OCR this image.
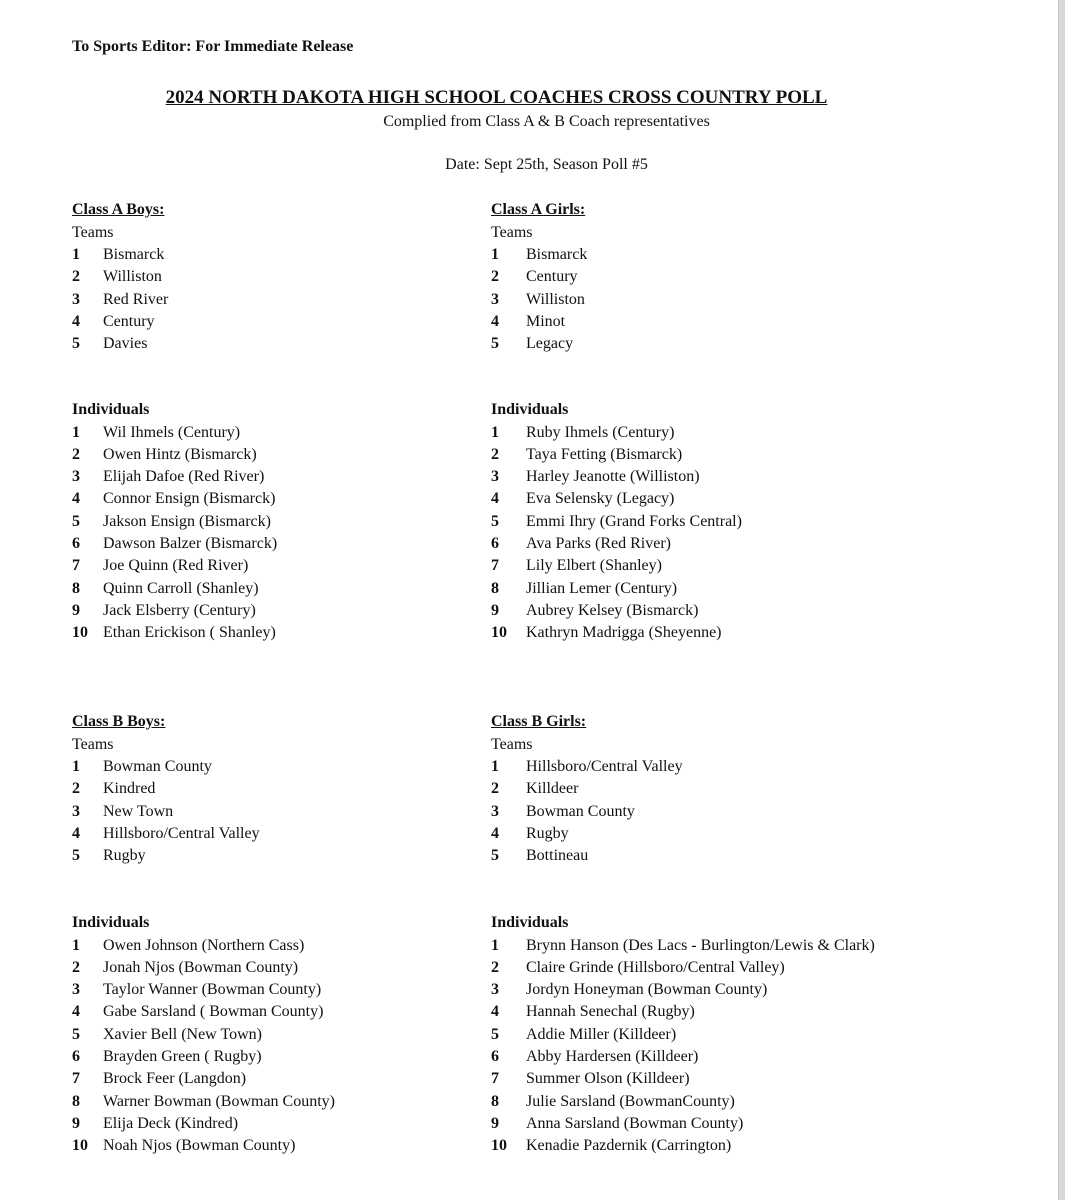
To Sports Editor: For Immediate Release
2024 NORTH DAKOTA HIGH SCHOOL COACHES CROSS COUNTRY POLL
Complied from Class A & B Coach representatives
Date: Sept 25th, Season Poll #5
Class A Boys:
Teams
1 Bismarck
2 Williston
3 Red River
4 Century
5 Davies
Individuals
1 Wil Ihmels (Century)
2 Owen Hintz (Bismarck)
3 Elijah Dafoe (Red River)
4 Connor Ensign (Bismarck)
5 Jakson Ensign (Bismarck)
6 Dawson Balzer (Bismarck)
7 Joe Quinn (Red River)
8 Quinn Carroll (Shanley)
9 Jack Elsberry (Century)
10 Ethan Erickison ( Shanley)
Class A Girls:
Teams
1 Bismarck
2 Century
3 Williston
4 Minot
5 Legacy
Individuals
1 Ruby Ihmels (Century)
2 Taya Fetting (Bismarck)
3 Harley Jeanotte (Williston)
4 Eva Selensky (Legacy)
5 Emmi Ihry (Grand Forks Central)
6 Ava Parks (Red River)
7 Lily Elbert (Shanley)
8 Jillian Lemer (Century)
9 Aubrey Kelsey (Bismarck)
10 Kathryn Madrigga (Sheyenne)
Class B Boys:
Teams
1 Bowman County
2 Kindred
3 New Town
4 Hillsboro/Central Valley
5 Rugby
Individuals
1 Owen Johnson (Northern Cass)
2 Jonah Njos (Bowman County)
3 Taylor Wanner (Bowman County)
4 Gabe Sarsland ( Bowman County)
5 Xavier Bell (New Town)
6 Brayden Green ( Rugby)
7 Brock Feer (Langdon)
8 Warner Bowman (Bowman County)
9 Elija Deck (Kindred)
10 Noah Njos (Bowman County)
Class B Girls:
Teams
1 Hillsboro/Central Valley
2 Killdeer
3 Bowman County
4 Rugby
5 Bottineau
Individuals
1 Brynn Hanson (Des Lacs - Burlington/Lewis & Clark)
2 Claire Grinde (Hillsboro/Central Valley)
3 Jordyn Honeyman (Bowman County)
4 Hannah Senechal (Rugby)
5 Addie Miller (Killdeer)
6 Abby Hardersen (Killdeer)
7 Summer Olson (Killdeer)
8 Julie Sarsland (BowmanCounty)
9 Anna Sarsland (Bowman County)
10 Kenadie Pazdernik (Carrington)
